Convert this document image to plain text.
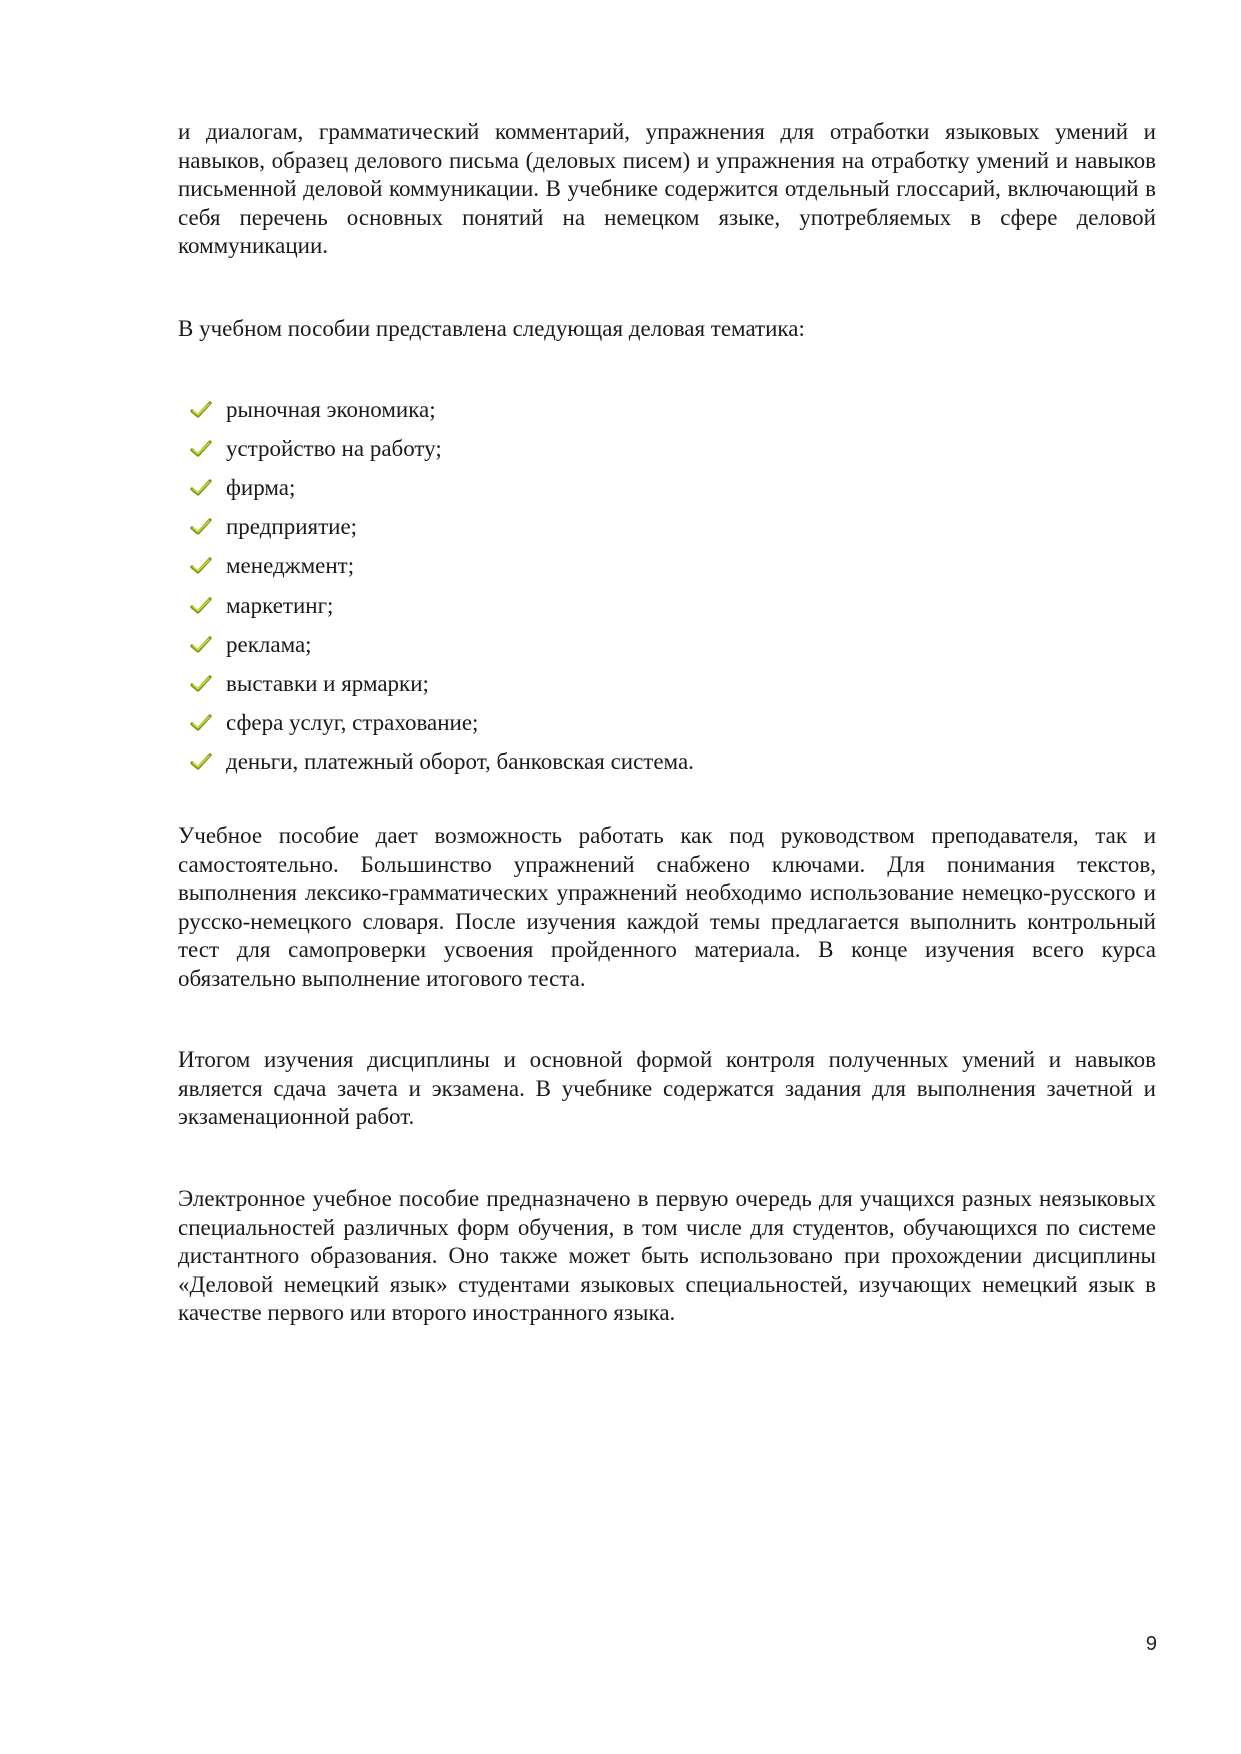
и диалогам, грамматический комментарий, упражнения для отработки языковых умений и навыков, образец делового письма (деловых писем) и упражнения на отработку умений и навыков письменной деловой коммуникации. В учебнике содержится отдельный глоссарий, включающий в себя перечень основных понятий на немецком языке, употребляемых в сфере деловой коммуникации.

В учебном пособии представлена следующая деловая тематика:

рыночная экономика;
устройство на работу;
фирма;
предприятие;
менеджмент;
маркетинг;
реклама;
выставки и ярмарки;
сфера услуг, страхование;
деньги, платежный оборот, банковская система.

Учебное пособие дает возможность работать как под руководством преподавателя, так и самостоятельно. Большинство упражнений снабжено ключами. Для понимания текстов, выполнения лексико-грамматических упражнений необходимо использование немецко-русского и русско-немецкого словаря. После изучения каждой темы предлагается выполнить контрольный тест для самопроверки усвоения пройденного материала. В конце изучения всего курса обязательно выполнение итогового теста.

Итогом изучения дисциплины и основной формой контроля полученных умений и навыков является сдача зачета и экзамена. В учебнике содержатся задания для выполнения зачетной и экзаменационной работ.

Электронное учебное пособие предназначено в первую очередь для учащихся разных неязыковых специальностей различных форм обучения, в том числе для студентов, обучающихся по системе дистантного образования. Оно также может быть использовано при прохождении дисциплины «Деловой немецкий язык» студентами языковых специальностей, изучающих немецкий язык в качестве первого или второго иностранного языка.

9
